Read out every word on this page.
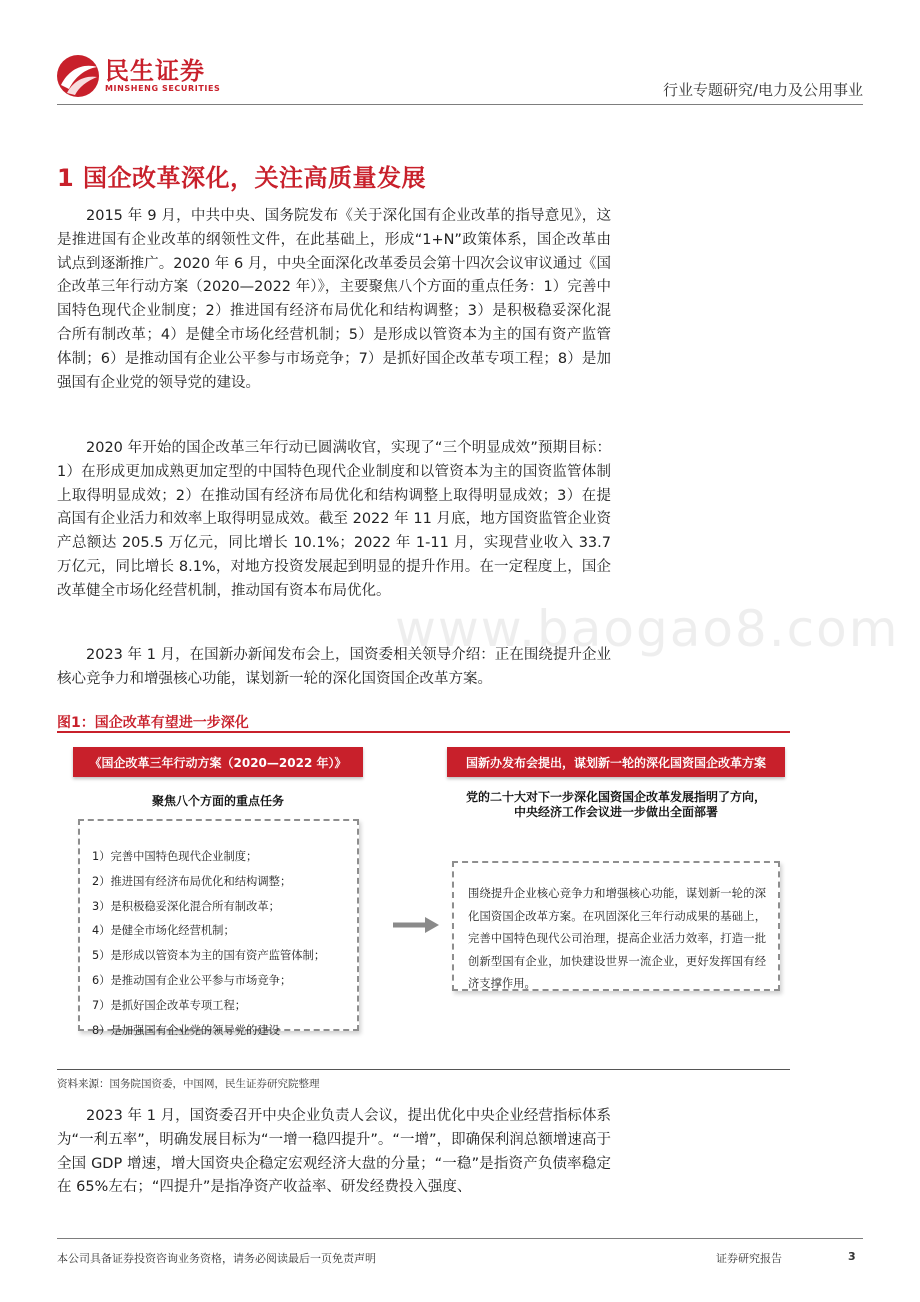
民生证券
MINSHENG SECURITIES	行业专题研究/电力及公用事业
www.baogao8.com
1 国企改革深化，关注高质量发展

2015 年 9 月，中共中央、国务院发布《关于深化国有企业改革的指导意见》，这是推进国有企业改革的纲领性文件，在此基础上，形成“1+N”政策体系，国企改革由试点到逐渐推广。2020 年 6 月，中央全面深化改革委员会第十四次会议审议通过《国企改革三年行动方案（2020—2022 年）》，主要聚焦八个方面的重点任务：1）完善中国特色现代企业制度；2）推进国有经济布局优化和结构调整；3）是积极稳妥深化混合所有制改革；4）是健全市场化经营机制；5）是形成以管资本为主的国有资产监管体制；6）是推动国有企业公平参与市场竞争；7）是抓好国企改革专项工程；8）是加强国有企业党的领导党的建设。

2020 年开始的国企改革三年行动已圆满收官，实现了“三个明显成效”预期目标：1）在形成更加成熟更加定型的中国特色现代企业制度和以管资本为主的国资监管体制上取得明显成效；2）在推动国有经济布局优化和结构调整上取得明显成效；3）在提高国有企业活力和效率上取得明显成效。截至 2022 年 11 月底，地方国资监管企业资产总额达 205.5 万亿元，同比增长 10.1%；2022 年 1-11 月，实现营业收入 33.7 万亿元，同比增长 8.1%，对地方投资发展起到明显的提升作用。在一定程度上，国企改革健全市场化经营机制，推动国有资本布局优化。

2023 年 1 月，在国新办新闻发布会上，国资委相关领导介绍：正在围绕提升企业核心竞争力和增强核心功能，谋划新一轮的深化国资国企改革方案。

图1：国企改革有望进一步深化
《国企改革三年行动方案（2020—2022 年）》
聚焦八个方面的重点任务
1）完善中国特色现代企业制度；
2）推进国有经济布局优化和结构调整；
3）是积极稳妥深化混合所有制改革；
4）是健全市场化经营机制；
5）是形成以管资本为主的国有资产监管体制；
6）是推动国有企业公平参与市场竞争；
7）是抓好国企改革专项工程；
8）是加强国有企业党的领导党的建设
国新办发布会提出，谋划新一轮的深化国资国企改革方案
党的二十大对下一步深化国资国企改革发展指明了方向，
中央经济工作会议进一步做出全面部署

围绕提升企业核心竞争力和增强核心功能，谋划新一轮的深化国资国企改革方案。在巩固深化三年行动成果的基础上，完善中国特色现代公司治理，提高企业活力效率，打造一批创新型国有企业，加快建设世界一流企业，更好发挥国有经济支撑作用。

资料来源：国务院国资委，中国网，民生证券研究院整理

2023 年 1 月，国资委召开中央企业负责人会议，提出优化中央企业经营指标体系为“一利五率”，明确发展目标为“一增一稳四提升”。“一增”，即确保利润总额增速高于全国 GDP 增速，增大国资央企稳定宏观经济大盘的分量；“一稳”是指资产负债率稳定在 65%左右；“四提升”是指净资产收益率、研发经费投入强度、

本公司具备证券投资咨询业务资格，请务必阅读最后一页免责声明	证券研究报告	3
